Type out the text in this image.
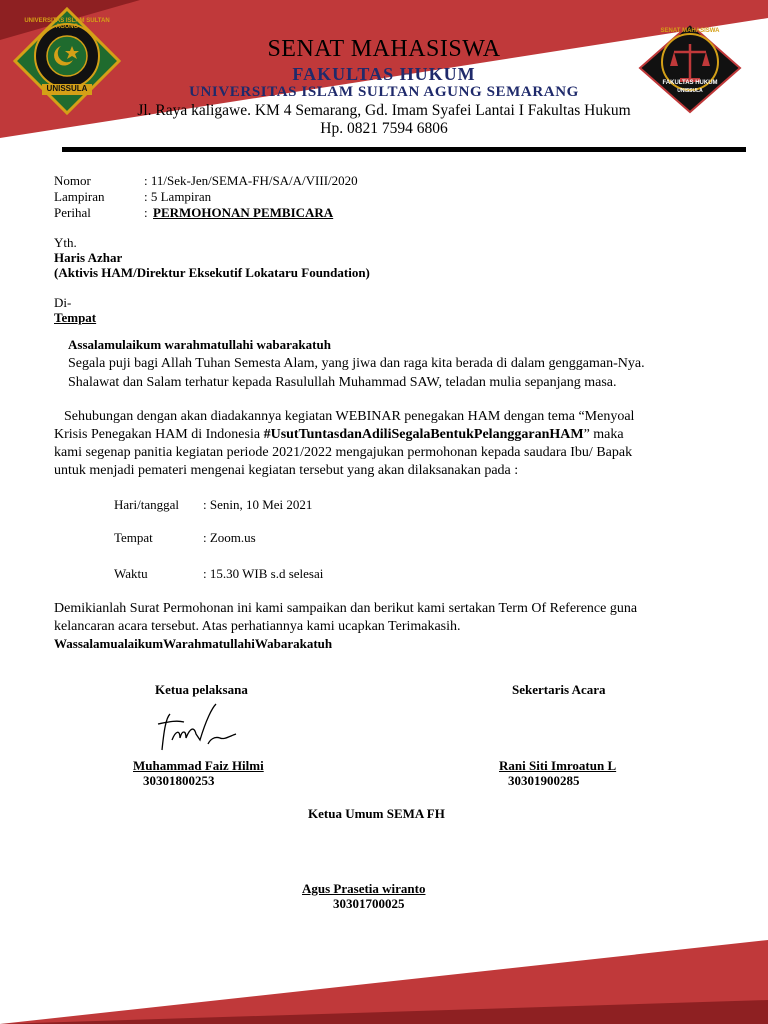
UNIVERSITAS ISLAM SULTAN AGUNG
UNISSULA
SENAT MAHASISWA
FAKULTAS HUKUM
UNISSULA
SENAT MAHASISWA
FAKULTAS HUKUM
UNIVERSITAS ISLAM SULTAN AGUNG SEMARANG
Jl. Raya kaligawe. KM 4 Semarang, Gd. Imam Syafei Lantai I Fakultas Hukum
Hp. 0821 7594 6806
Nomor	: 11/Sek-Jen/SEMA-FH/SA/A/VIII/2020
Lampiran	: 5 Lampiran
Perihal	: PERMOHONAN PEMBICARA
Yth.
Haris Azhar
(Aktivis HAM/Direktur Eksekutif Lokataru Foundation)
Di-
Tempat
Assalamulaikum warahmatullahi wabarakatuh
Segala puji bagi Allah Tuhan Semesta Alam, yang jiwa dan raga kita berada di dalam genggaman-Nya.
Shalawat dan Salam terhatur kepada Rasulullah Muhammad SAW, teladan mulia sepanjang masa.
Sehubungan dengan akan diadakannya kegiatan WEBINAR penegakan HAM dengan tema “Menyoal
Krisis Penegakan HAM di Indonesia #UsutTuntasdanAdiliSegalaBentukPelanggaranHAM” maka
kami segenap panitia kegiatan periode 2021/2022 mengajukan permohonan kepada saudara Ibu/ Bapak
untuk menjadi pemateri mengenai kegiatan tersebut yang akan dilaksanakan pada :
Hari/tanggal : Senin, 10 Mei 2021
Tempat	: Zoom.us
Waktu	: 15.30 WIB s.d selesai
Demikianlah Surat Permohonan ini kami sampaikan dan berikut kami sertakan Term Of Reference guna
kelancaran acara tersebut. Atas perhatiannya kami ucapkan Terimakasih.
WassalamualaikumWarahmatullahiWabarakatuh
Ketua pelaksana	Sekertaris Acara
Muhammad Faiz Hilmi
30301800253
Rani Siti Imroatun L
30301900285
Ketua Umum SEMA FH
Agus Prasetia wiranto
30301700025
